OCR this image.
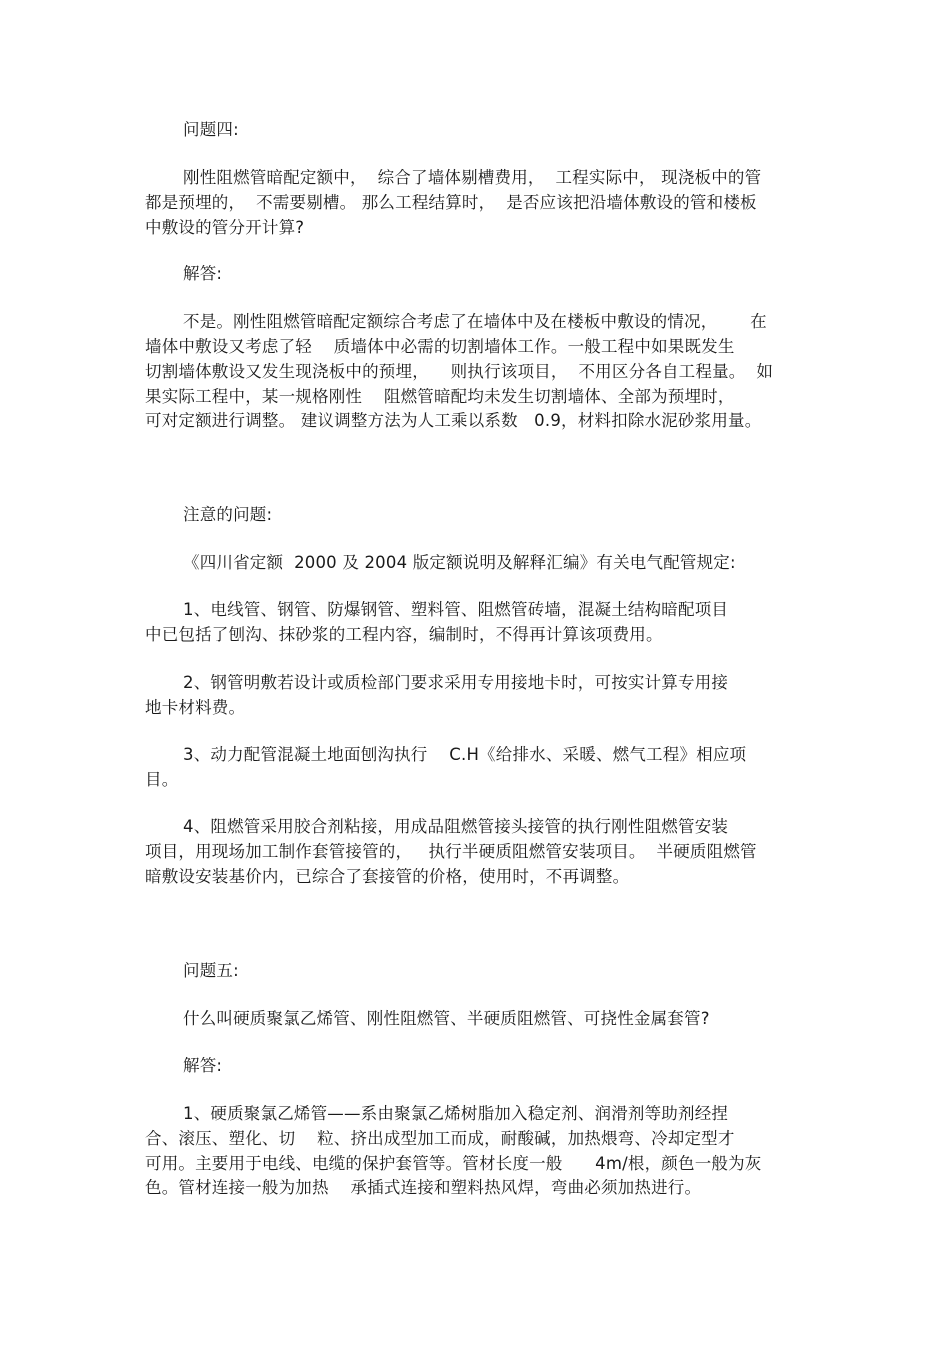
问题四:
刚性阻燃管暗配定额中，  综合了墙体剔槽费用，  工程实际中， 现浇板中的管
都是预埋的，  不需要剔槽。 那么工程结算时，  是否应该把沿墙体敷设的管和楼板
中敷设的管分开计算?
解答:
不是。刚性阻燃管暗配定额综合考虑了在墙体中及在楼板中敷设的情况，      在
墙体中敷设又考虑了轻    质墙体中必需的切割墙体工作。一般工程中如果既发生
切割墙体敷设又发生现浇板中的预埋，    则执行该项目，  不用区分各自工程量。  如
果实际工程中，某一规格刚性    阻燃管暗配均未发生切割墙体、全部为预埋时，
可对定额进行调整。 建议调整方法为人工乘以系数   0.9，材料扣除水泥砂浆用量。
注意的问题:
《四川省定额  2000 及 2004 版定额说明及解释汇编》有关电气配管规定:
1、电线管、钢管、防爆钢管、塑料管、阻燃管砖墙，混凝土结构暗配项目
中已包括了刨沟、抹砂浆的工程内容，编制时，不得再计算该项费用。
2、钢管明敷若设计或质检部门要求采用专用接地卡时，可按实计算专用接
地卡材料费。
3、动力配管混凝土地面刨沟执行    C.H《给排水、采暖、燃气工程》相应项
目。
4、阻燃管采用胶合剂粘接，用成品阻燃管接头接管的执行刚性阻燃管安装
项目，用现场加工制作套管接管的，   执行半硬质阻燃管安装项目。  半硬质阻燃管
暗敷设安装基价内，已综合了套接管的价格，使用时，不再调整。
问题五:
什么叫硬质聚氯乙烯管、刚性阻燃管、半硬质阻燃管、可挠性金属套管?
解答:
1、硬质聚氯乙烯管——系由聚氯乙烯树脂加入稳定剂、润滑剂等助剂经捏
合、滚压、塑化、切    粒、挤出成型加工而成，耐酸碱，加热煨弯、冷却定型才
可用。主要用于电线、电缆的保护套管等。管材长度一般      4m/根，颜色一般为灰
色。管材连接一般为加热    承插式连接和塑料热风焊，弯曲必须加热进行。
